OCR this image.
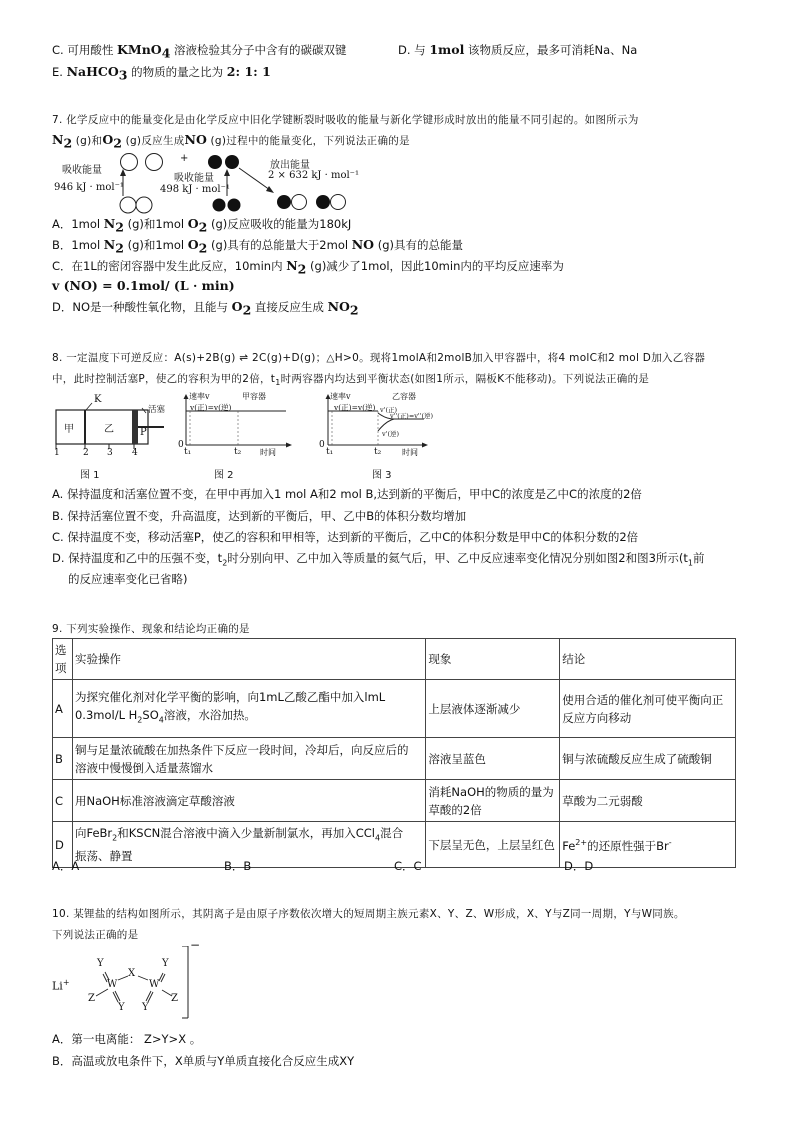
C. 可用酸性 KMnO$_4$ 溶液检验其分子中含有的碳碳双键	D. 与 1mol 该物质反应，最多可消耗Na、Na
E. NaHCO$_3$ 的物质的量之比为 2: 1: 1
7. 化学反应中的能量变化是由化学反应中旧化学键断裂时吸收的能量与新化学键形成时放出的能量不同引起的。如图所示为
$N_2$ (g)和$O_2$ (g)反应生成NO (g)过程中的能量变化，下列说法正确的是
吸收能量
946 kJ · mol⁻¹
+
吸收能量
498 kJ · mol⁻¹
放出能量
2 × 632 kJ · mol⁻¹
A．1mol $N_2$ (g)和1mol $O_2$ (g)反应吸收的能量为180kJ
B．1mol $N_2$ (g)和1mol $O_2$ (g)具有的总能量大于2mol NO (g)具有的总能量
C．在1L的密闭容器中发生此反应，10min内 $N_2$ (g)减少了1mol，因此10min内的平均反应速率为
v (NO) = 0.1mol/ (L · min)
D．NO是一种酸性氧化物，且能与 $O_2$ 直接反应生成 $NO_2$
8. 一定温度下可逆反应：A(s)+2B(g) ⇌ 2C(g)+D(g)；△H>0。现将1molA和2molB加入甲容器中，将4 molC和2 mol D加入乙容器
中，此时控制活塞P，使乙的容积为甲的2倍，$t_1$时两容器内均达到平衡状态(如图1所示，隔板K不能移动)。下列说法正确的是
甲	乙
K
P
活塞
1	2 3 4
速率v	甲容器
v(正)=v(逆)
0
t₁	t₂ 时间
速率v	乙容器
v(正)=v(逆) v'(正)
v''(正)=v''(逆)
v'(逆)
0
t₁	t₂	时间
图 1	图 2	图 3
A. 保持温度和活塞位置不变，在甲中再加入1 mol A和2 mol B,达到新的平衡后，甲中C的浓度是乙中C的浓度的2倍
B. 保持活塞位置不变，升高温度，达到新的平衡后，甲、乙中B的体积分数均增加
C. 保持温度不变，移动活塞P，使乙的容积和甲相等，达到新的平衡后，乙中C的体积分数是甲中C的体积分数的2倍
D. 保持温度和乙中的压强不变，$t_2$时分别向甲、乙中加入等质量的氦气后，甲、乙中反应速率变化情况分别如图2和图3所示($t_1$前
的反应速率变化已省略)
9. 下列实验操作、现象和结论均正确的是
选
项	实验操作	现象	结论
A	为探究催化剂对化学平衡的影响，向1mL乙酸乙酯中加入lmL
0.3mol/L $H_2SO_4$溶液，水浴加热。	上层液体逐渐减少	使用合适的催化剂可使平衡向正反应方向移动
B	铜与足量浓硫酸在加热条件下反应一段时间，冷却后，向反应后的
溶液中慢慢倒入适量蒸馏水	溶液呈蓝色	铜与浓硫酸反应生成了硫酸铜
C	用NaOH标准溶液滴定草酸溶液	消耗NaOH的物质的量为草酸的2倍	草酸为二元弱酸
D	向FeBr$_2$和KSCN混合溶液中滴入少量新制氯水，再加入CCl$_4$混合
振荡、静置	下层呈无色，上层呈红色	$Fe^{2+}$的还原性强于Br-
A．A	B．B	C．C	D．D
10. 某锂盐的结构如图所示，其阴离子是由原子序数依次增大的短周期主族元素X、Y、Z、W形成，X、Y与Z同一周期，Y与W同族。
下列说法正确的是
Li+
−
Y
X
Y
W	W
Z	Z
Y Y
A．第一电离能： Z>Y>X 。
B．高温或放电条件下，X单质与Y单质直接化合反应生成XY
